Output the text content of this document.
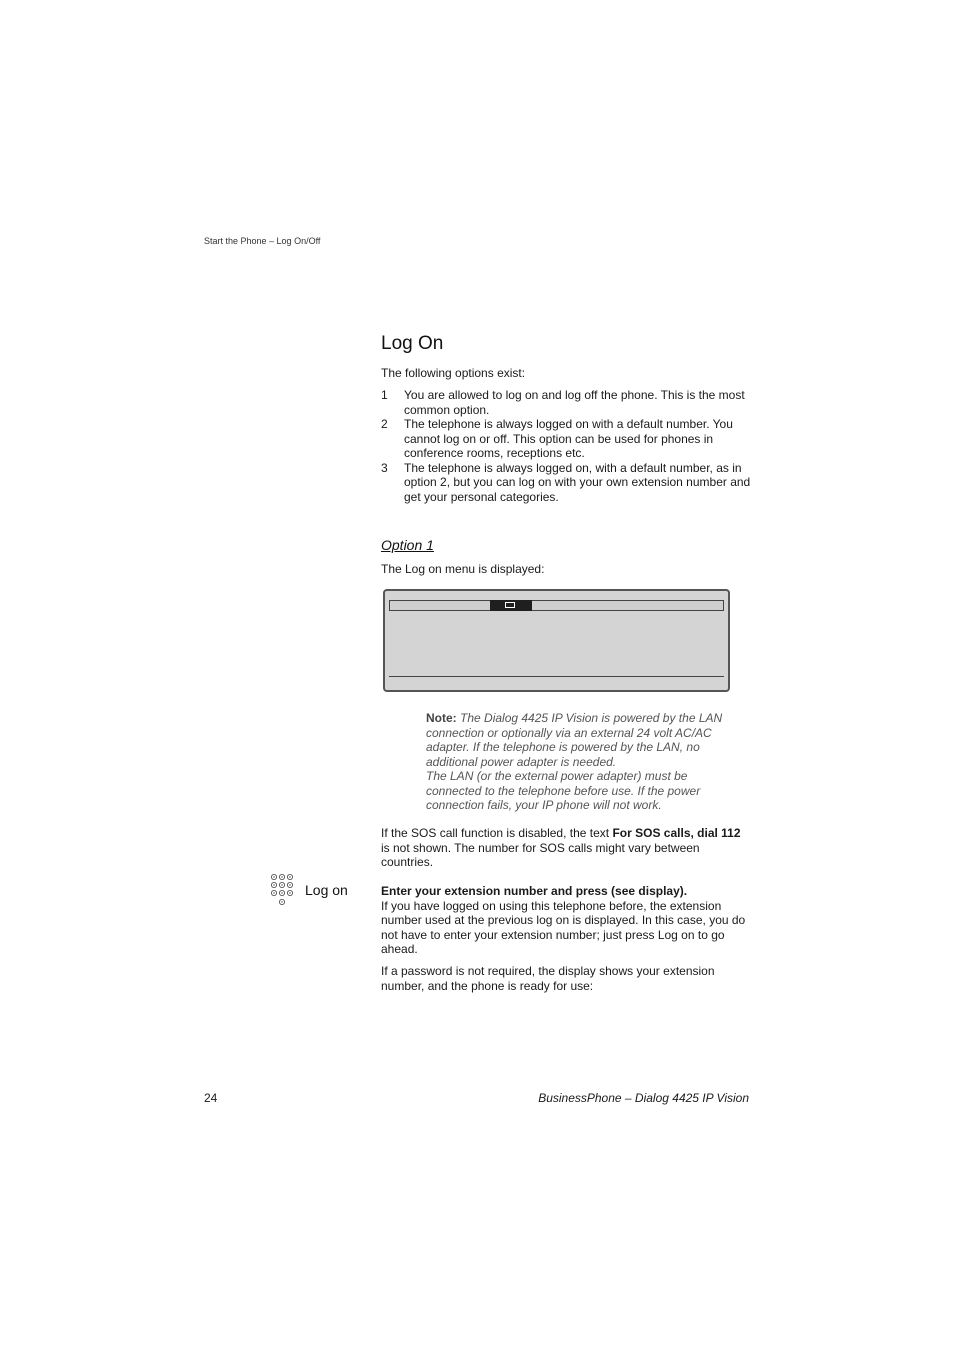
Start the Phone – Log On/Off
Log On
The following options exist:
1 You are allowed to log on and log off the phone. This is the most common option.
2 The telephone is always logged on with a default number. You cannot log on or off. This option can be used for phones in conference rooms, receptions etc.
3 The telephone is always logged on, with a default number, as in option 2, but you can log on with your own extension number and get your personal categories.
Option 1
The Log on menu is displayed:
Note: The Dialog 4425 IP Vision is powered by the LAN connection or optionally via an external 24 volt AC/AC adapter. If the telephone is powered by the LAN, no additional power adapter is needed.
The LAN (or the external power adapter) must be connected to the telephone before use. If the power connection fails, your IP phone will not work.
If the SOS call function is disabled, the text For SOS calls, dial 112 is not shown. The number for SOS calls might vary between countries.
Log on	Enter your extension number and press (see display).
If you have logged on using this telephone before, the extension number used at the previous log on is displayed. In this case, you do not have to enter your extension number; just press Log on to go ahead.
If a password is not required, the display shows your extension number, and the phone is ready for use:
24	BusinessPhone – Dialog 4425 IP Vision
